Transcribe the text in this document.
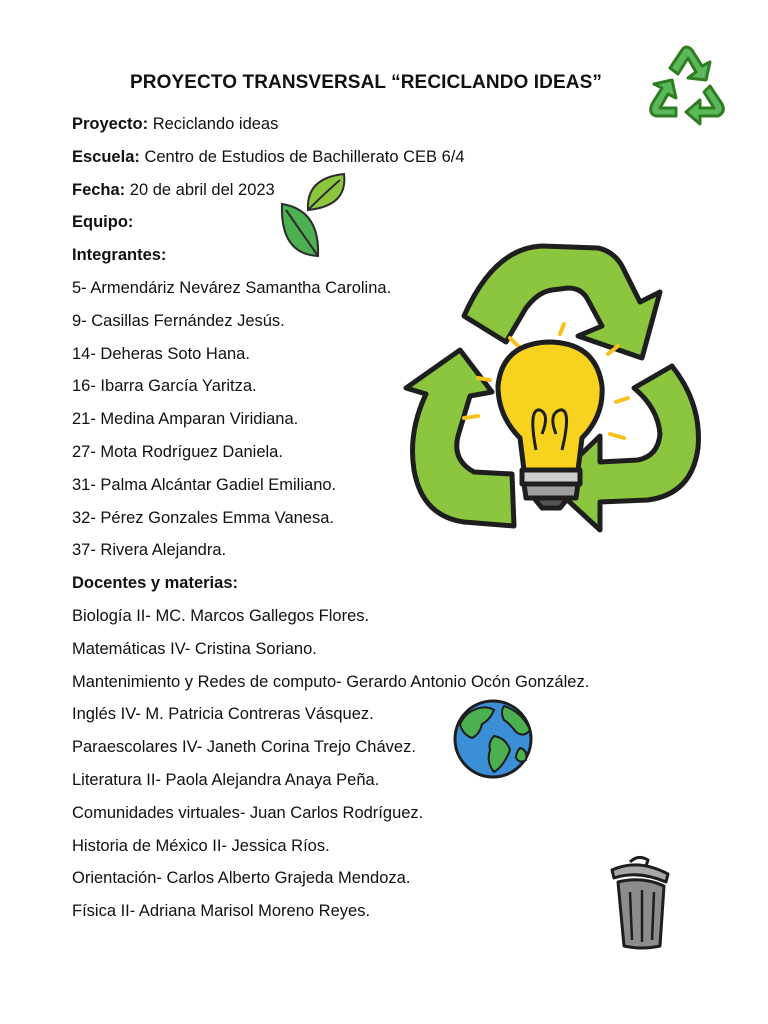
PROYECTO TRANSVERSAL “RECICLANDO IDEAS”
Proyecto: Reciclando ideas
Escuela: Centro de Estudios de Bachillerato CEB 6/4
Fecha: 20 de abril del 2023
Equipo:
Integrantes:
5- Armendáriz Nevárez Samantha Carolina.
9- Casillas Fernández Jesús.
14- Deheras Soto Hana.
16- Ibarra García Yaritza.
21- Medina Amparan Viridiana.
27- Mota Rodríguez Daniela.
31- Palma Alcántar Gadiel Emiliano.
32- Pérez Gonzales Emma Vanesa.
37- Rivera Alejandra.
Docentes y materias:
Biología II- MC. Marcos Gallegos Flores.
Matemáticas IV- Cristina Soriano.
Mantenimiento y Redes de computo- Gerardo Antonio Ocón González.
Inglés IV- M. Patricia Contreras Vásquez.
Paraescolares IV- Janeth Corina Trejo Chávez.
Literatura II- Paola Alejandra Anaya Peña.
Comunidades virtuales- Juan Carlos Rodríguez.
Historia de México II- Jessica Ríos.
Orientación- Carlos Alberto Grajeda Mendoza.
Física II- Adriana Marisol Moreno Reyes.
